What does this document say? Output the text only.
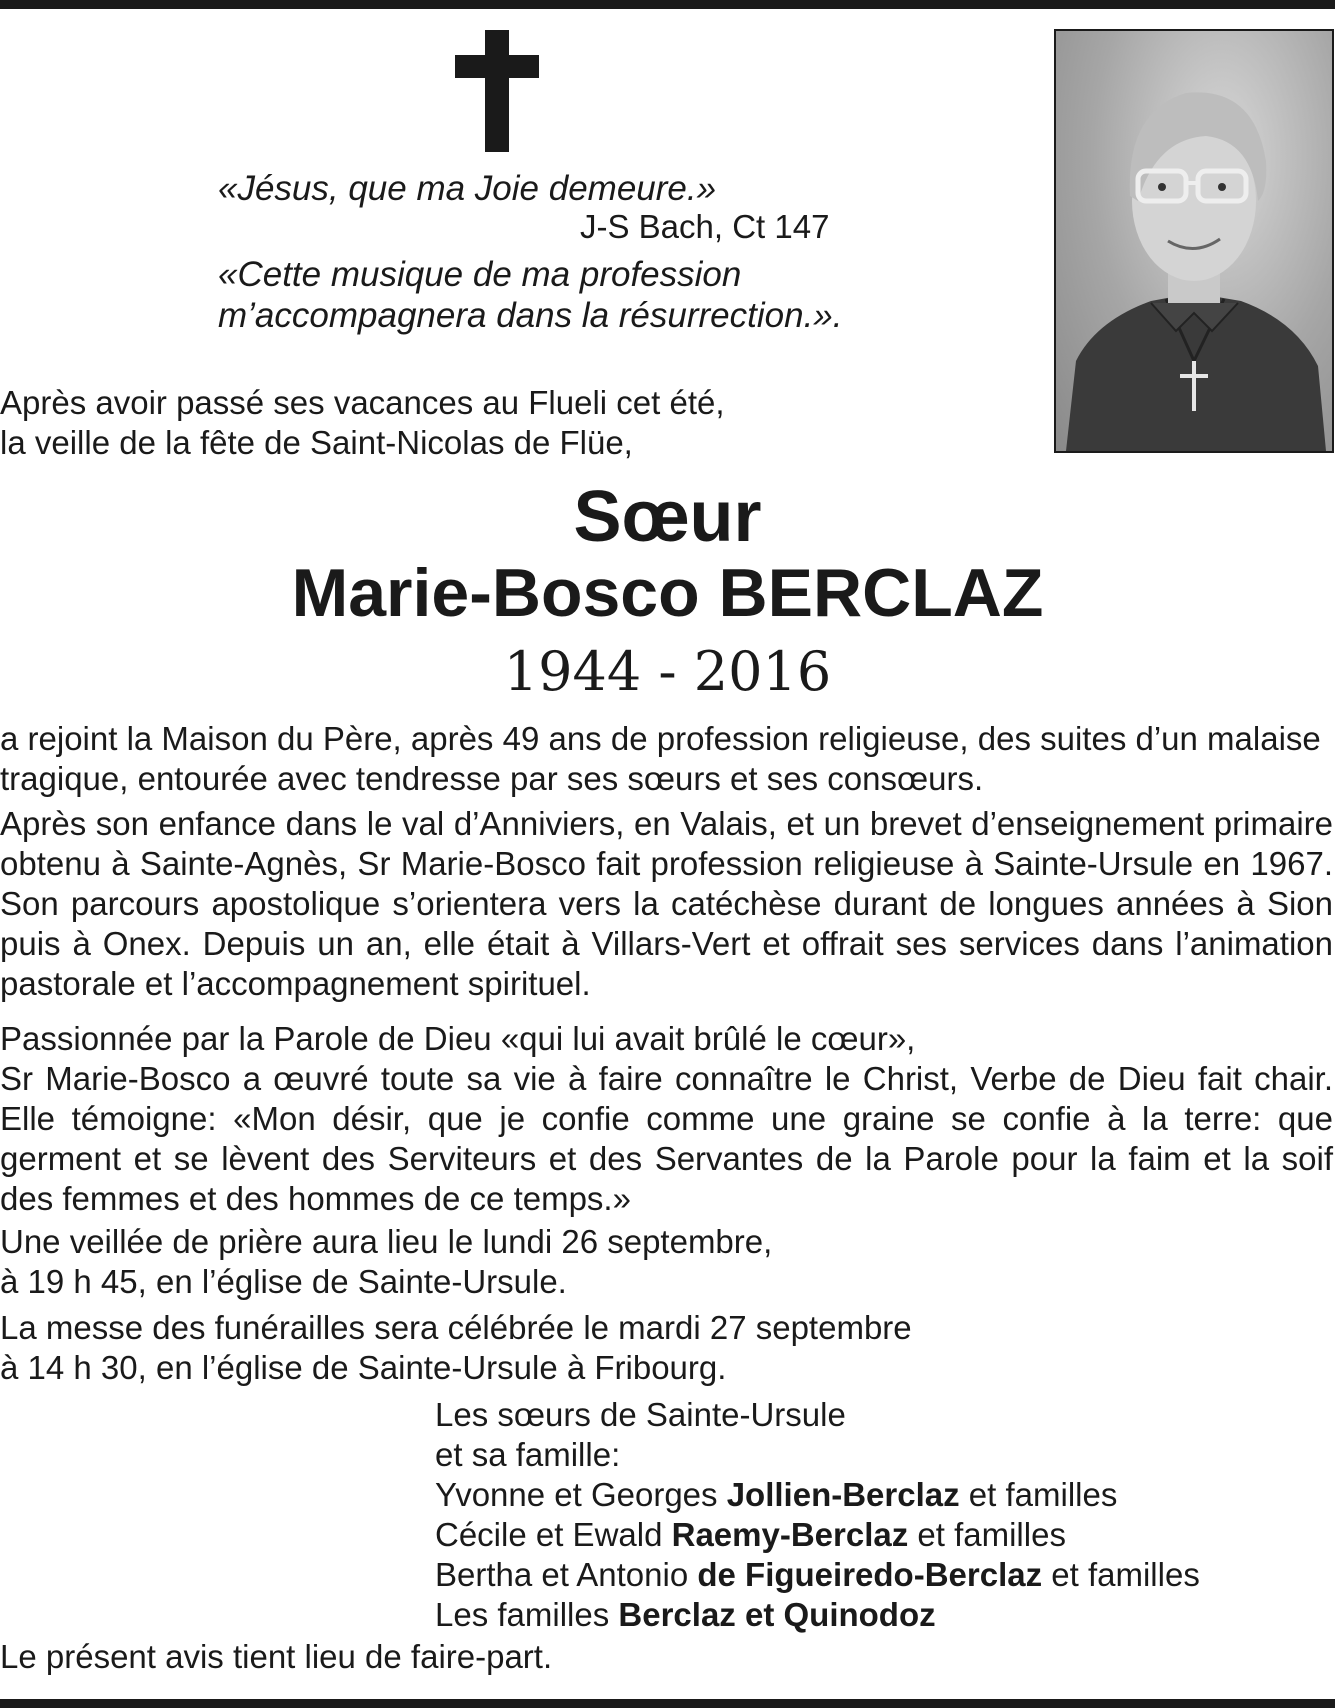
«Jésus, que ma Joie demeure.»
J-S Bach, Ct 147
«Cette musique de ma profession
m’accompagnera dans la résurrection.».
Après avoir passé ses vacances au Flueli cet été,
la veille de la fête de Saint-Nicolas de Flüe,
Sœur
Marie-Bosco BERCLAZ
1944 - 2016
a rejoint la Maison du Père, après 49 ans de profession religieuse, des suites d’un malaise
tragique, entourée avec tendresse par ses sœurs et ses consœurs.
Après son enfance dans le val d’Anniviers, en Valais, et un brevet d’enseignement primaire obtenu à Sainte-Agnès, Sr Marie-Bosco fait profession religieuse à Sainte-Ursule en 1967. Son parcours apostolique s’orientera vers la catéchèse durant de longues années à Sion puis à Onex. Depuis un an, elle était à Villars-Vert et offrait ses services dans l’animation pastorale et l’accompagnement spirituel.
Passionnée par la Parole de Dieu «qui lui avait brûlé le cœur»,
Sr Marie-Bosco a œuvré toute sa vie à faire connaître le Christ, Verbe de Dieu fait chair. Elle témoigne: «Mon désir, que je confie comme une graine se confie à la terre: que germent et se lèvent des Serviteurs et des Servantes de la Parole pour la faim et la soif des femmes et des hommes de ce temps.»
Une veillée de prière aura lieu le lundi 26 septembre,
à 19 h 45, en l’église de Sainte-Ursule.
La messe des funérailles sera célébrée le mardi 27 septembre
à 14 h 30, en l’église de Sainte-Ursule à Fribourg.
Les sœurs de Sainte-Ursule
et sa famille:
Yvonne et Georges Jollien-Berclaz et familles
Cécile et Ewald Raemy-Berclaz et familles
Bertha et Antonio de Figueiredo-Berclaz et familles
Les familles Berclaz et Quinodoz
Le présent avis tient lieu de faire-part.
